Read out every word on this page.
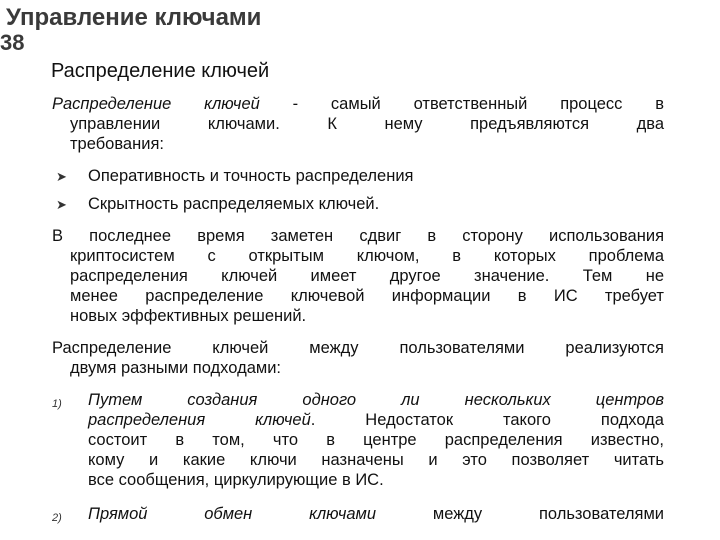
Управление ключами
38
Распределение ключей
Распределение ключей - самый ответственный процесс в
управлении ключами. К нему предъявляются два
требования:
➤ Оперативность и точность распределения
➤ Скрытность распределяемых ключей.
В последнее время заметен сдвиг в сторону использования
криптосистем с открытым ключом, в которых проблема
распределения ключей имеет другое значение. Тем не
менее распределение ключевой информации в ИС требует
новых эффективных решений.
Распределение ключей между пользователями реализуются
двумя разными подходами:
1) Путем создания одного ли нескольких центров
распределения ключей. Недостаток такого подхода
состоит в том, что в центре распределения известно,
кому и какие ключи назначены и это позволяет читать
все сообщения, циркулирующие в ИС.
2) Прямой обмен ключами	между пользователями
